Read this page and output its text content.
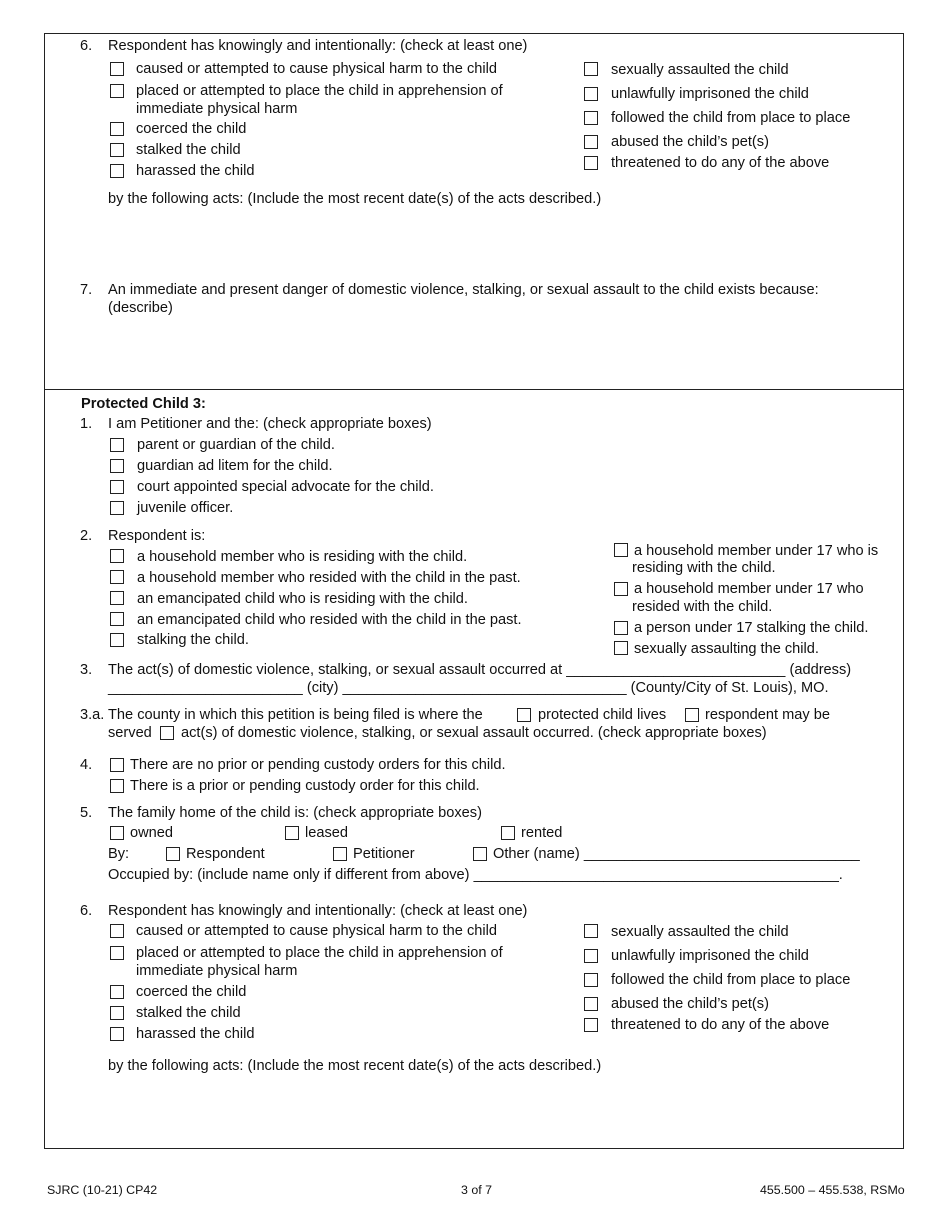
6. Respondent has knowingly and intentionally: (check at least one)
caused or attempted to cause physical harm to the child
placed or attempted to place the child in apprehension of
immediate physical harm
coerced the child
stalked the child
harassed the child
sexually assaulted the child
unlawfully imprisoned the child
followed the child from place to place
abused the child’s pet(s)
threatened to do any of the above
by the following acts: (Include the most recent date(s) of the acts described.)
7. An immediate and present danger of domestic violence, stalking, or sexual assault to the child exists because:
(describe)
Protected Child 3:
1. I am Petitioner and the: (check appropriate boxes)
parent or guardian of the child.
guardian ad litem for the child.
court appointed special advocate for the child.
juvenile officer.
2. Respondent is:
a household member who is residing with the child.
a household member who resided with the child in the past.
an emancipated child who is residing with the child.
an emancipated child who resided with the child in the past.
stalking the child.
a household member under 17 who is
residing with the child.
a household member under 17 who
resided with the child.
a person under 17 stalking the child.
sexually assaulting the child.
3. The act(s) of domestic violence, stalking, or sexual assault occurred at ___________________________ (address)
________________________ (city) ___________________________________ (County/City of St. Louis), MO.
3.a. The county in which this petition is being filed is where the	protected child lives	respondent may be
served act(s) of domestic violence, stalking, or sexual assault occurred. (check appropriate boxes)
4.	There are no prior or pending custody orders for this child.
There is a prior or pending custody order for this child.
5. The family home of the child is: (check appropriate boxes)
owned	leased	rented
By:	Respondent	Petitioner	Other (name) __________________________________
Occupied by: (include name only if different from above) _____________________________________________.
6. Respondent has knowingly and intentionally: (check at least one)
caused or attempted to cause physical harm to the child
placed or attempted to place the child in apprehension of
immediate physical harm
coerced the child
stalked the child
harassed the child
sexually assaulted the child
unlawfully imprisoned the child
followed the child from place to place
abused the child’s pet(s)
threatened to do any of the above
by the following acts: (Include the most recent date(s) of the acts described.)
SJRC (10-21) CP42	3 of 7	455.500 – 455.538, RSMo
